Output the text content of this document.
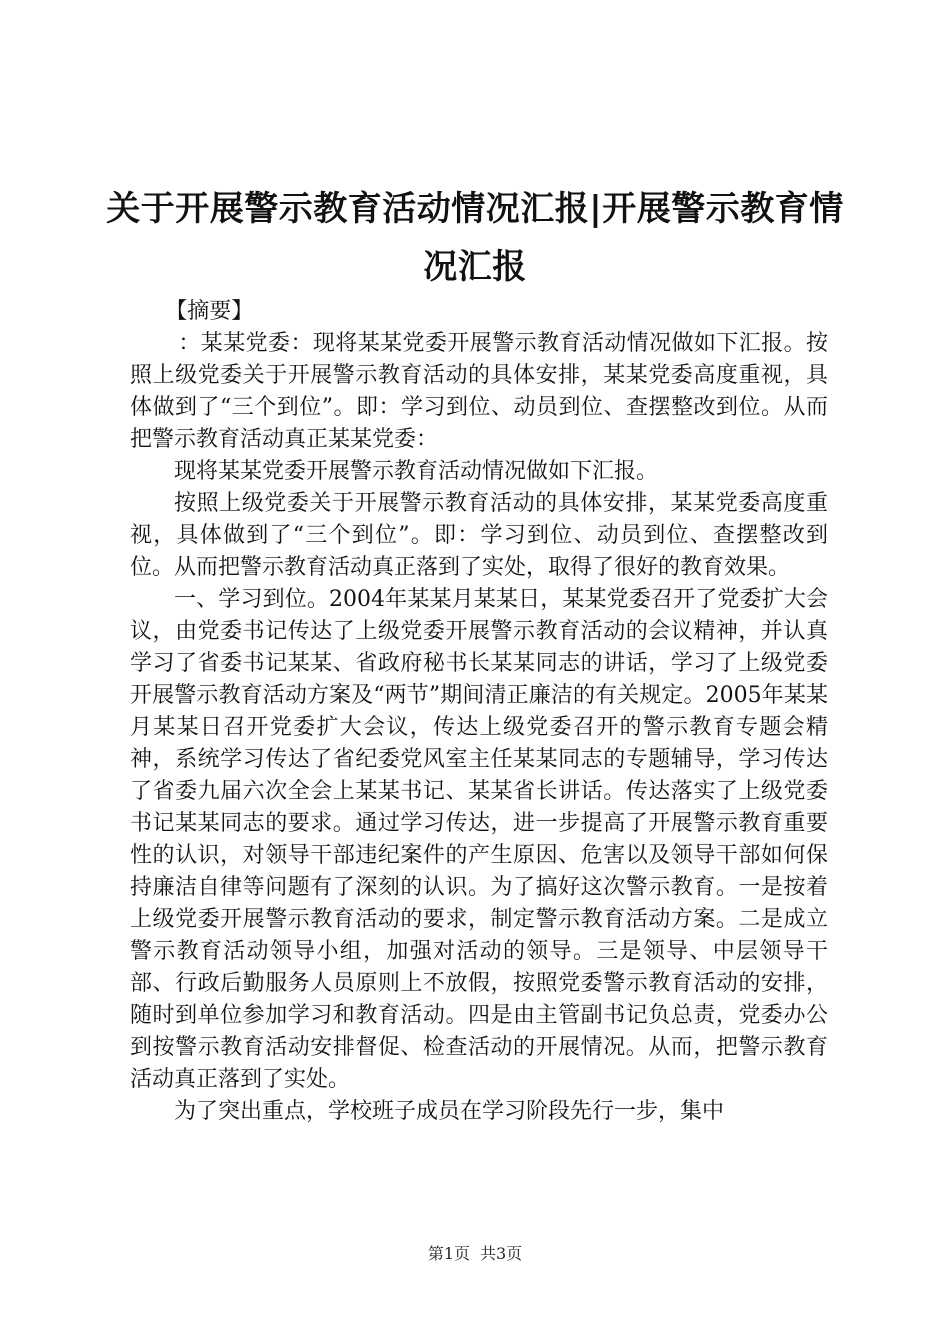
关于开展警示教育活动情况汇报|开展警示教育情况汇报

【摘要】

：某某党委：现将某某党委开展警示教育活动情况做如下汇报。按照上级党委关于开展警示教育活动的具体安排，某某党委高度重视，具体做到了“三个到位”。即：学习到位、动员到位、查摆整改到位。从而把警示教育活动真正某某党委：

现将某某党委开展警示教育活动情况做如下汇报。

按照上级党委关于开展警示教育活动的具体安排，某某党委高度重视，具体做到了“三个到位”。即：学习到位、动员到位、查摆整改到位。从而把警示教育活动真正落到了实处，取得了很好的教育效果。

一、学习到位。2004年某某月某某日，某某党委召开了党委扩大会议，由党委书记传达了上级党委开展警示教育活动的会议精神，并认真学习了省委书记某某、省政府秘书长某某同志的讲话，学习了上级党委开展警示教育活动方案及“两节”期间清正廉洁的有关规定。2005年某某月某某日召开党委扩大会议，传达上级党委召开的警示教育专题会精神，系统学习传达了省纪委党风室主任某某同志的专题辅导，学习传达了省委九届六次全会上某某书记、某某省长讲话。传达落实了上级党委书记某某同志的要求。通过学习传达，进一步提高了开展警示教育重要性的认识，对领导干部违纪案件的产生原因、危害以及领导干部如何保持廉洁自律等问题有了深刻的认识。为了搞好这次警示教育。一是按着上级党委开展警示教育活动的要求，制定警示教育活动方案。二是成立警示教育活动领导小组，加强对活动的领导。三是领导、中层领导干部、行政后勤服务人员原则上不放假，按照党委警示教育活动的安排，随时到单位参加学习和教育活动。四是由主管副书记负总责，党委办公到按警示教育活动安排督促、检查活动的开展情况。从而，把警示教育活动真正落到了实处。

为了突出重点，学校班子成员在学习阶段先行一步，集中

第1页 共3页
